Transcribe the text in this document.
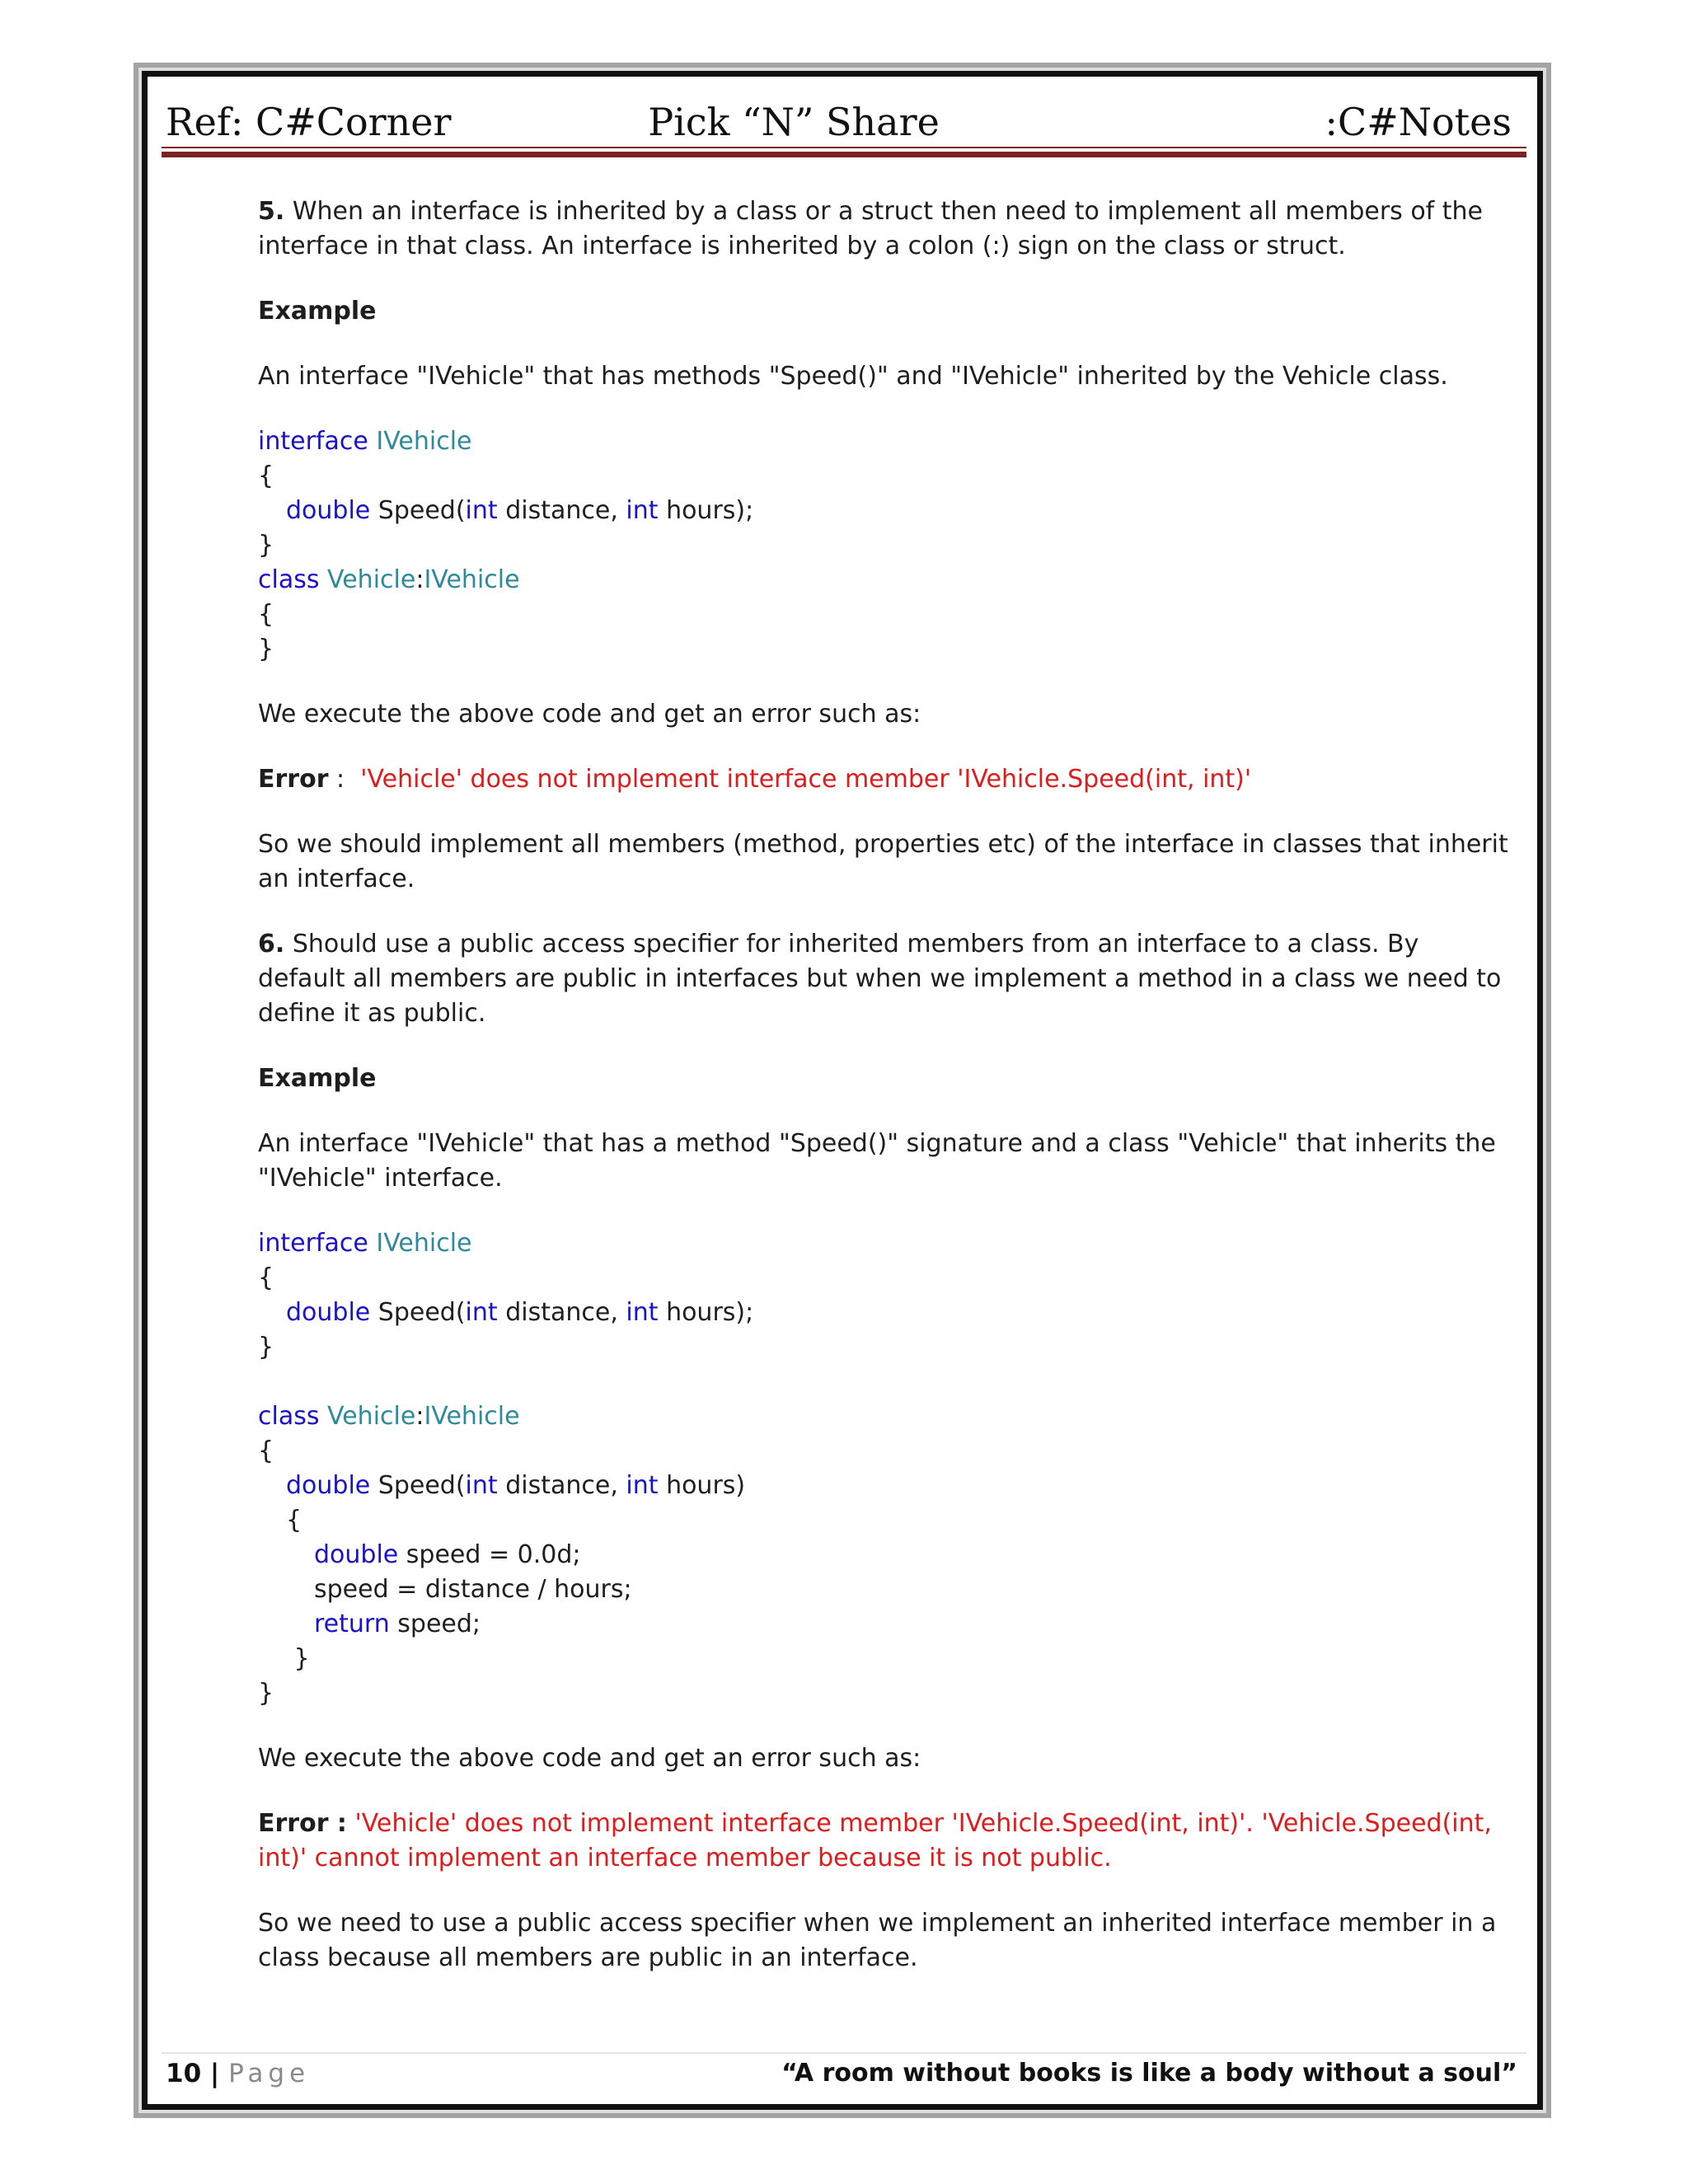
Ref: C#Corner	Pick “N” Share	:C#Notes

5. When an interface is inherited by a class or a struct then need to implement all members of the interface in that class. An interface is inherited by a colon (:) sign on the class or struct.

Example

An interface "IVehicle" that has methods "Speed()" and "IVehicle" inherited by the Vehicle class.

interface IVehicle
{
double Speed(int distance, int hours);
}
class Vehicle:IVehicle
{
}

We execute the above code and get an error such as:

Error :  'Vehicle' does not implement interface member 'IVehicle.Speed(int, int)'

So we should implement all members (method, properties etc) of the interface in classes that inherit an interface.

6. Should use a public access specifier for inherited members from an interface to a class. By default all members are public in interfaces but when we implement a method in a class we need to define it as public.

Example

An interface "IVehicle" that has a method "Speed()" signature and a class "Vehicle" that inherits the "IVehicle" interface.

interface IVehicle
{
double Speed(int distance, int hours);
}
class Vehicle:IVehicle
{
double Speed(int distance, int hours)
{
double speed = 0.0d;
speed = distance / hours;
return speed;
}
}

We execute the above code and get an error such as:

Error : 'Vehicle' does not implement interface member 'IVehicle.Speed(int, int)'. 'Vehicle.Speed(int, int)' cannot implement an interface member because it is not public.

So we need to use a public access specifier when we implement an inherited interface member in a class because all members are public in an interface.

10 | Page	“A room without books is like a body without a soul”
